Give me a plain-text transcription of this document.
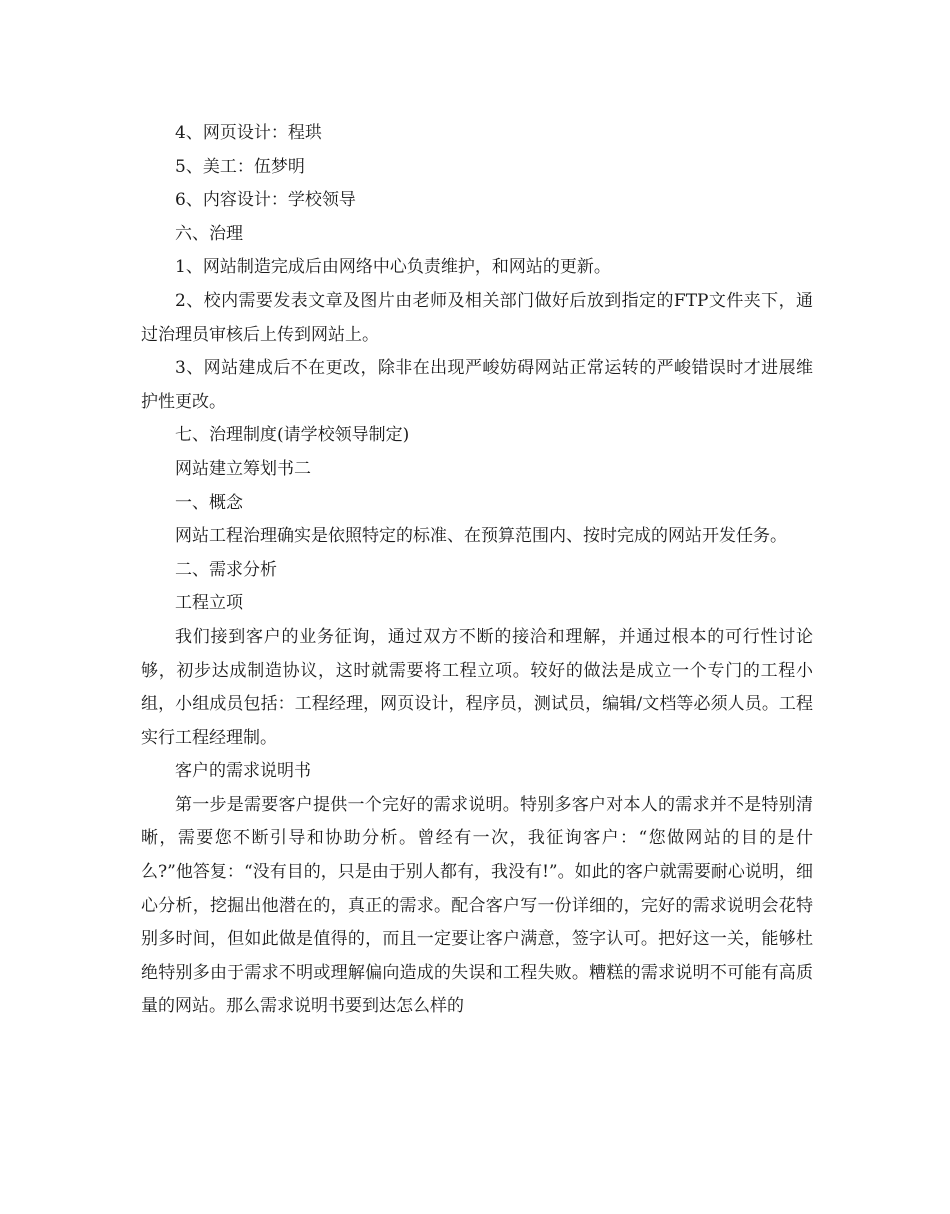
4、网页设计：程珙

5、美工：伍梦明

6、内容设计：学校领导

六、治理

1、网站制造完成后由网络中心负责维护，和网站的更新。

2、校内需要发表文章及图片由老师及相关部门做好后放到指定的FTP文件夹下，通过治理员审核后上传到网站上。

3、网站建成后不在更改，除非在出现严峻妨碍网站正常运转的严峻错误时才进展维护性更改。

七、治理制度(请学校领导制定)

网站建立筹划书二

一、概念

网站工程治理确实是依照特定的标准、在预算范围内、按时完成的网站开发任务。

二、需求分析

工程立项

我们接到客户的业务征询，通过双方不断的接洽和理解，并通过根本的可行性讨论够，初步达成制造协议，这时就需要将工程立项。较好的做法是成立一个专门的工程小组，小组成员包括：工程经理，网页设计，程序员，测试员，编辑/文档等必须人员。工程实行工程经理制。

客户的需求说明书

第一步是需要客户提供一个完好的需求说明。特别多客户对本人的需求并不是特别清晰，需要您不断引导和协助分析。曾经有一次，我征询客户：“您做网站的目的是什么?”他答复：“没有目的，只是由于别人都有，我没有!”。如此的客户就需要耐心说明，细心分析，挖掘出他潜在的，真正的需求。配合客户写一份详细的，完好的需求说明会花特别多时间，但如此做是值得的，而且一定要让客户满意，签字认可。把好这一关，能够杜绝特别多由于需求不明或理解偏向造成的失误和工程失败。糟糕的需求说明不可能有高质量的网站。那么需求说明书要到达怎么样的
